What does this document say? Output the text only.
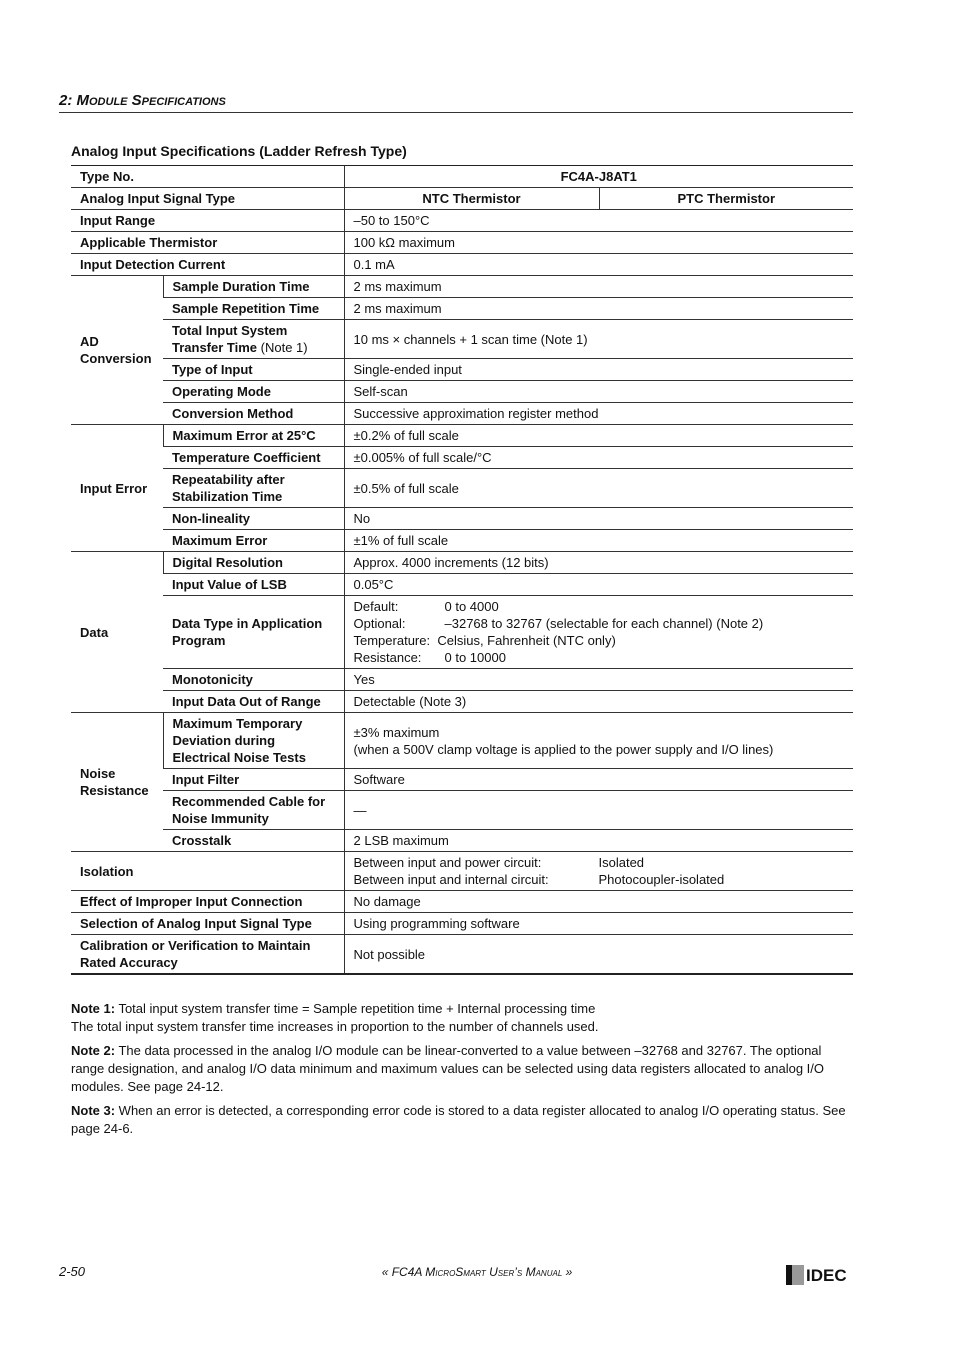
2: Module Specifications
Analog Input Specifications (Ladder Refresh Type)
Type No.		FC4A-J8AT1	
Analog Input Signal Type		NTC Thermistor	PTC Thermistor
Input Range		–50 to 150°C	
Applicable Thermistor		100 kΩ maximum	
Input Detection Current		0.1 mA	
AD Conversion	Sample Duration Time	2 ms maximum	
	Sample Repetition Time	2 ms maximum	
	Total Input System Transfer Time (Note 1)	10 ms × channels + 1 scan time (Note 1)	
	Type of Input	Single-ended input	
	Operating Mode	Self-scan	
	Conversion Method	Successive approximation register method	
Input Error	Maximum Error at 25°C	±0.2% of full scale	
	Temperature Coefficient	±0.005% of full scale/°C	
	Repeatability after Stabilization Time	±0.5% of full scale	
	Non-lineality	No	
	Maximum Error	±1% of full scale	
Data	Digital Resolution	Approx. 4000 increments (12 bits)	
	Input Value of LSB	0.05°C	
	Data Type in Application Program	Default: 0 to 4000
Optional: –32768 to 32767 (selectable for each channel) (Note 2)
Temperature: Celsius, Fahrenheit (NTC only)
Resistance: 0 to 10000	

	Monotonicity	Yes	
	Input Data Out of Range	Detectable (Note 3)	
Noise Resistance	Maximum Temporary Deviation during Electrical Noise Tests	±3% maximum
(when a 500V clamp voltage is applied to the power supply and I/O lines)	

	Input Filter	Software	
	Recommended Cable for Noise Immunity	—	
	Crosstalk	2 LSB maximum	
Isolation		Between input and power circuit: Isolated
Between input and internal circuit: Photocoupler-isolated	

Effect of Improper Input Connection		No damage	
Selection of Analog Input Signal Type		Using programming software	
Calibration or Verification to Maintain Rated Accuracy		Not possible	

Note 1: Total input system transfer time = Sample repetition time + Internal processing time
The total input system transfer time increases in proportion to the number of channels used.

Note 2: The data processed in the analog I/O module can be linear-converted to a value between –32768 and 32767. The optional range designation, and analog I/O data minimum and maximum values can be selected using data registers allocated to analog I/O modules. See page 24-12.

Note 3: When an error is detected, a corresponding error code is stored to a data register allocated to analog I/O operating status. See page 24-6.

2-50	« FC4A MicroSmart User’s Manual »	IDEC
